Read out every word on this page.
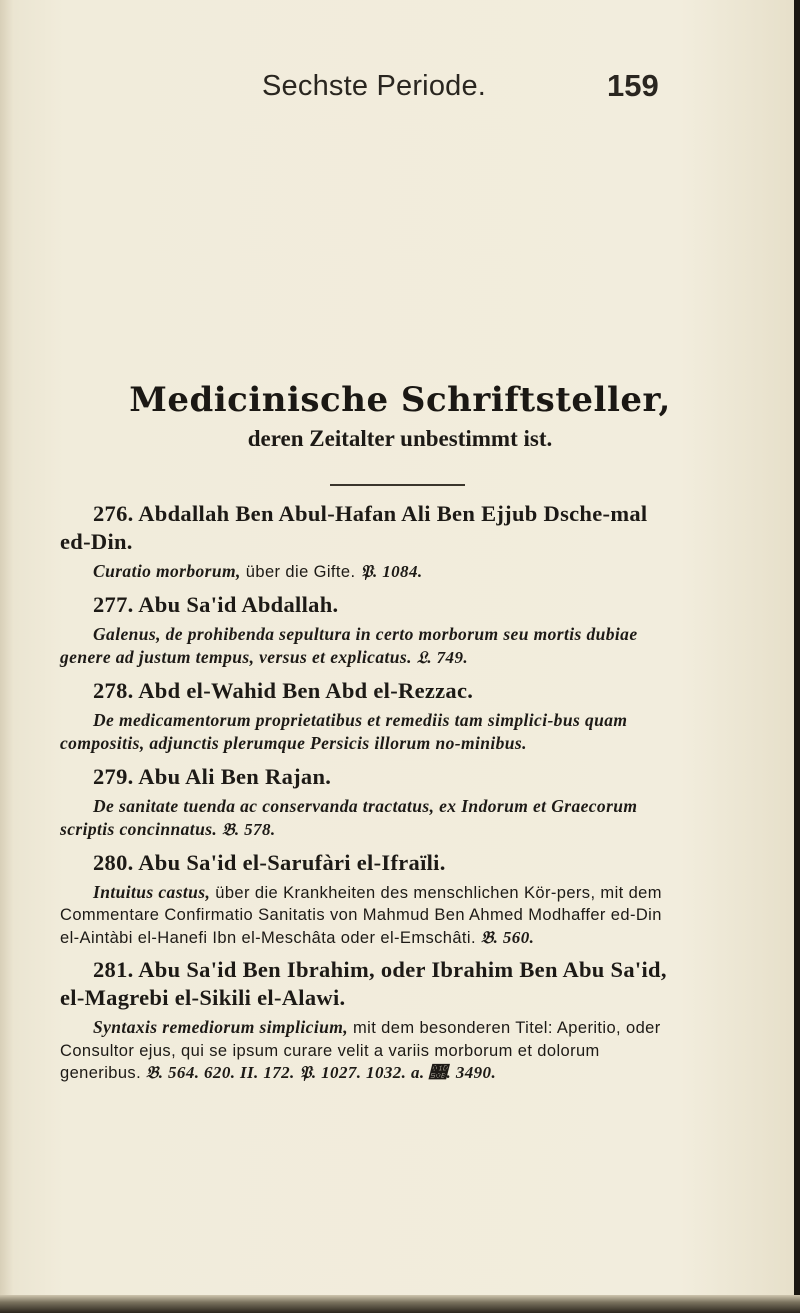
Sechste Periode.	159
Medicinische Schriftsteller,
deren Zeitalter unbestimmt ist.

276. Abdallah Ben Abul-Hafan Ali Ben Ejjub Dsche-mal ed-Din.

Curatio morborum, über die Gifte. 𝔓. 1084.

277. Abu Sa'id Abdallah.

Galenus, de prohibenda sepultura in certo morborum seu mortis dubiae genere ad justum tempus, versus et explicatus. 𝔏. 749.

278. Abd el-Wahid Ben Abd el-Rezzac.

De medicamentorum proprietatibus et remediis tam simplici-bus quam compositis, adjunctis plerumque Persicis illorum no-minibus.

279. Abu Ali Ben Rajan.

De sanitate tuenda ac conservanda tractatus, ex Indorum et Graecorum scriptis concinnatus. 𝔅. 578.

280. Abu Sa'id el-Sarufàri el-Ifraïli.

Intuitus castus, über die Krankheiten des menschlichen Kör-pers, mit dem Commentare Confirmatio Sanitatis von Mahmud Ben Ahmed Modhaffer ed-Din el-Aintàbi el-Hanefi Ibn el-Meschâta oder el-Emschâti. 𝔅. 560.

281. Abu Sa'id Ben Ibrahim, oder Ibrahim Ben Abu Sa'id, el-Magrebi el-Sikili el-Alawi.

Syntaxis remediorum simplicium, mit dem besonderen Titel: Aperitio, oder Consultor ejus, qui se ipsum curare velit a variis morborum et dolorum generibus. 𝔅. 564. 620. II. 172. 𝔓. 1027. 1032. a. 𝔋. 3490.
